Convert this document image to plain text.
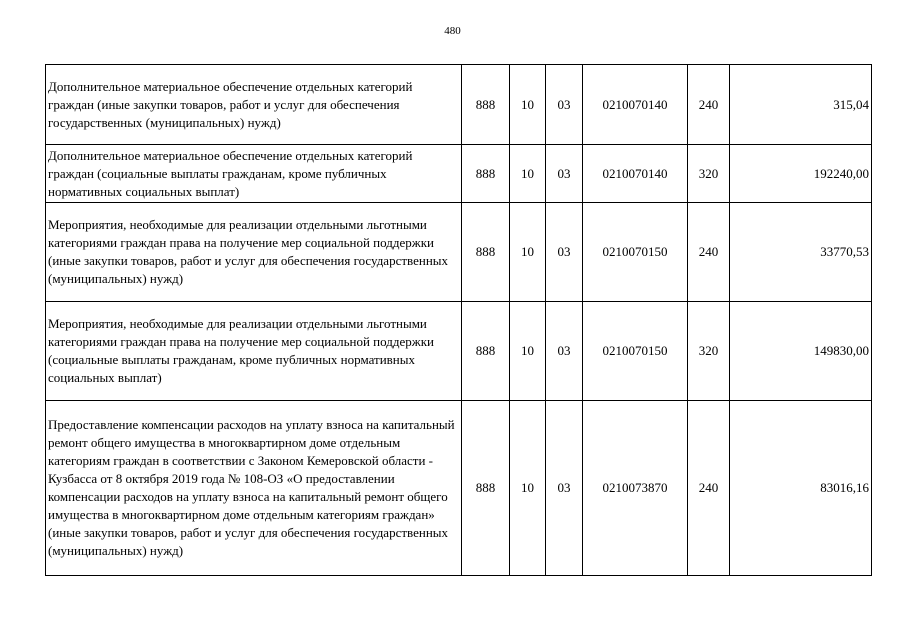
480
Дополнительное материальное обеспечение отдельных категорий граждан (иные закупки товаров, работ и услуг для обеспечения государственных (муниципальных) нужд)	888	10	03	0210070140	240	315,04
Дополнительное материальное обеспечение отдельных категорий граждан (социальные выплаты гражданам, кроме публичных нормативных социальных выплат)	888	10	03	0210070140	320	192240,00
Мероприятия, необходимые для реализации отдельными льготными категориями граждан права на получение мер социальной поддержки (иные закупки товаров, работ и услуг для обеспечения государственных (муниципальных) нужд)	888	10	03	0210070150	240	33770,53
Мероприятия, необходимые для реализации отдельными льготными категориями граждан права на получение мер социальной поддержки (социальные выплаты гражданам, кроме публичных нормативных социальных выплат)	888	10	03	0210070150	320	149830,00
Предоставление компенсации расходов на уплату взноса на капитальный ремонт общего имущества в многоквартирном доме отдельным категориям граждан в соответствии с Законом Кемеровской области - Кузбасса от 8 октября 2019 года № 108-ОЗ «О предоставлении компенсации расходов на уплату взноса на капитальный ремонт общего имущества в многоквартирном доме отдельным категориям граждан» (иные закупки товаров, работ и услуг для обеспечения государственных (муниципальных) нужд)	888	10	03	0210073870	240	83016,16
